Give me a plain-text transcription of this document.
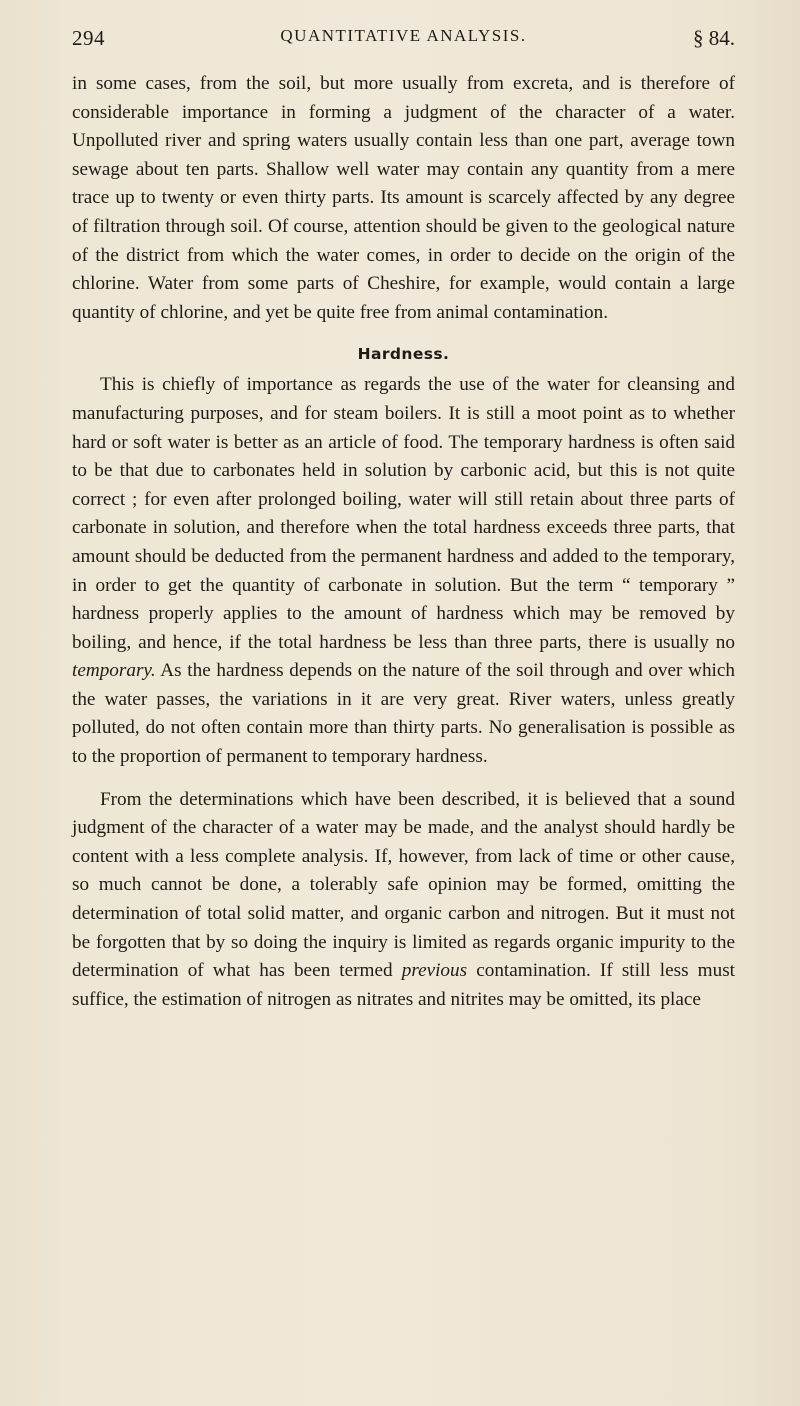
294	QUANTITATIVE ANALYSIS.	§ 84.

in some cases, from the soil, but more usually from excreta, and is therefore of considerable importance in forming a judgment of the character of a water. Unpolluted river and spring waters usually contain less than one part, average town sewage about ten parts. Shallow well water may contain any quantity from a mere trace up to twenty or even thirty parts. Its amount is scarcely affected by any degree of filtration through soil. Of course, attention should be given to the geological nature of the district from which the water comes, in order to decide on the origin of the chlorine. Water from some parts of Cheshire, for example, would contain a large quantity of chlorine, and yet be quite free from animal contamination.

Hardness.

This is chiefly of importance as regards the use of the water for cleansing and manufacturing purposes, and for steam boilers. It is still a moot point as to whether hard or soft water is better as an article of food. The temporary hardness is often said to be that due to carbonates held in solution by carbonic acid, but this is not quite correct ; for even after prolonged boiling, water will still retain about three parts of carbonate in solution, and therefore when the total hardness exceeds three parts, that amount should be deducted from the permanent hardness and added to the temporary, in order to get the quantity of carbonate in solution. But the term “ temporary ” hardness properly applies to the amount of hardness which may be removed by boiling, and hence, if the total hardness be less than three parts, there is usually no temporary. As the hardness depends on the nature of the soil through and over which the water passes, the variations in it are very great. River waters, unless greatly polluted, do not often contain more than thirty parts. No generalisation is possible as to the proportion of permanent to temporary hardness.

From the determinations which have been described, it is believed that a sound judgment of the character of a water may be made, and the analyst should hardly be content with a less complete analysis. If, however, from lack of time or other cause, so much cannot be done, a tolerably safe opinion may be formed, omitting the determination of total solid matter, and organic carbon and nitrogen. But it must not be forgotten that by so doing the inquiry is limited as regards organic impurity to the determination of what has been termed previous contamination. If still less must suffice, the estimation of nitrogen as nitrates and nitrites may be omitted, its place
